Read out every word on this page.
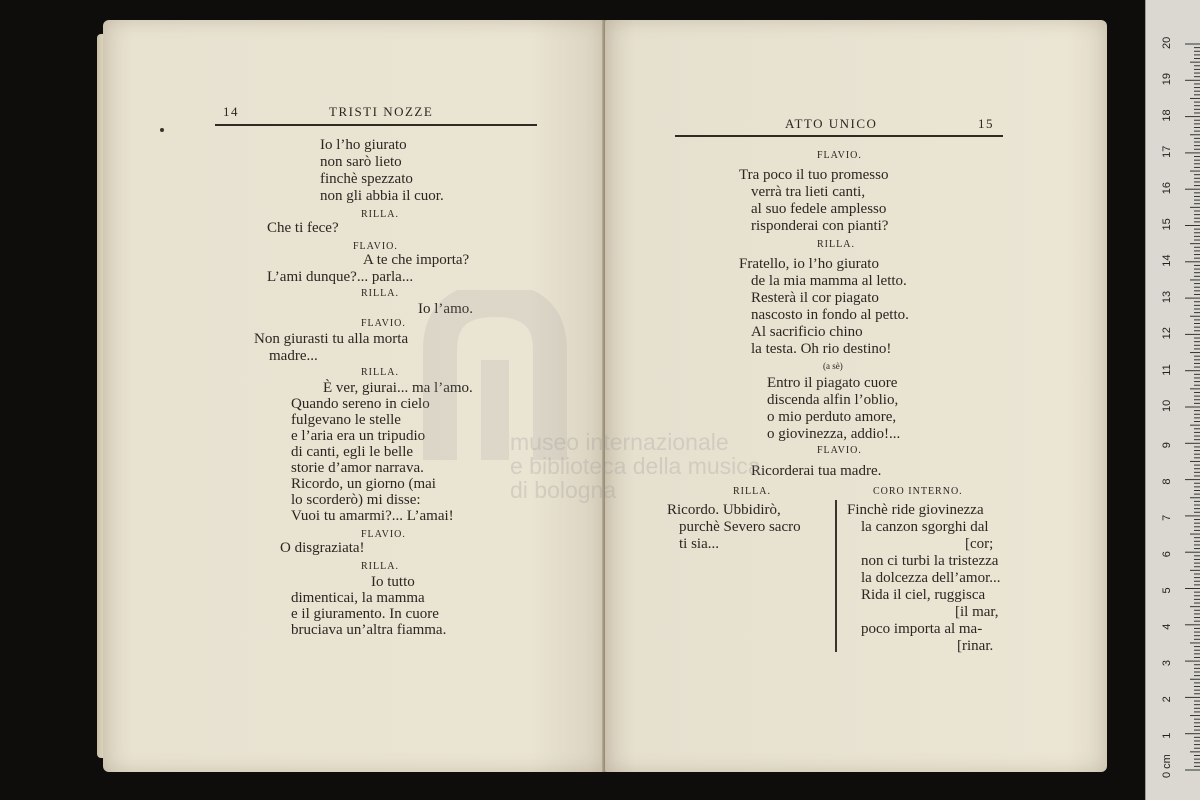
14	TRISTI NOZZE
Io l’ho giurato
non sarò lieto
finchè spezzato
non gli abbia il cuor.
RILLA.
Che ti fece?
FLAVIO.
A te che importa?
L’ami dunque?... parla...
RILLA.
Io l’amo.
FLAVIO.
Non giurasti tu alla morta
madre...
RILLA.
È ver, giurai... ma l’amo.
Quando sereno in cielo
fulgevano le stelle
e l’aria era un tripudio
di canti, egli le belle
storie d’amor narrava.
Ricordo, un giorno (mai
lo scorderò) mi disse:
Vuoi tu amarmi?... L’amai!
FLAVIO.
O disgraziata!
RILLA.
Io tutto
dimenticai, la mamma
e il giuramento. In cuore
bruciava un’altra fiamma.
ATTO UNICO	15
FLAVIO.
Tra poco il tuo promesso
verrà tra lieti canti,
al suo fedele amplesso
risponderai con pianti?
RILLA.
Fratello, io l’ho giurato
de la mia mamma al letto.
Resterà il cor piagato
nascosto in fondo al petto.
Al sacrificio chino
la testa. Oh rio destino!
(a sè)
Entro il piagato cuore
discenda alfin l’oblio,
o mio perduto amore,
o giovinezza, addio!...
FLAVIO.
Ricorderai tua madre.
RILLA.
Ricordo. Ubbidirò,
purchè Severo sacro
ti sia...
CORO INTERNO.
Finchè ride giovinezza
la canzon sgorghi dal
[cor;
non ci turbi la tristezza
la dolcezza dell’amor...
Rida il ciel, ruggisca
[il mar,
poco importa al ma-
[rinar.
museo internazionale
e biblioteca della musica
di bologna
0 cm
1
2
3
4
5
6
7
8
9
10
11
12
13
14
15
16
17
18
19
20
